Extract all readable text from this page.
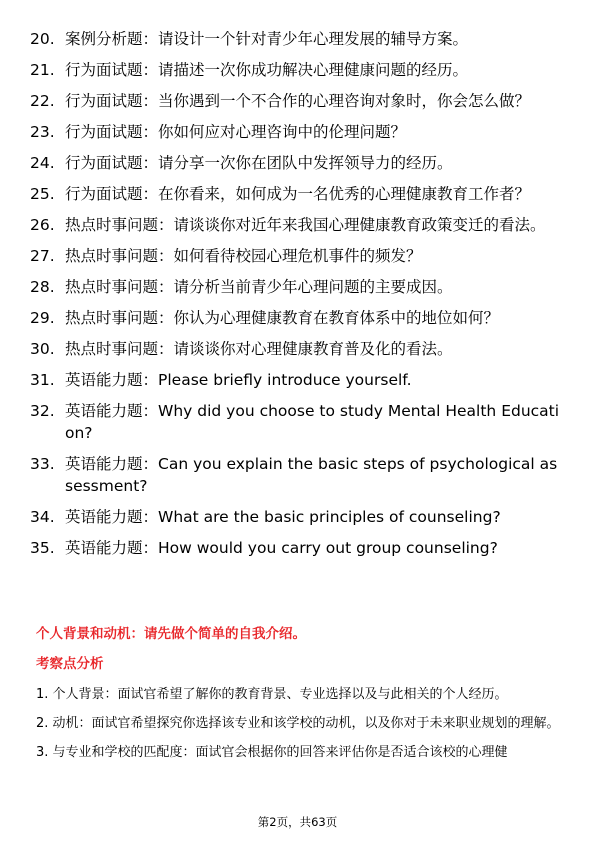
20. 案例分析题：请设计一个针对青少年心理发展的辅导方案。
21. 行为面试题：请描述一次你成功解决心理健康问题的经历。
22. 行为面试题：当你遇到一个不合作的心理咨询对象时，你会怎么做？
23. 行为面试题：你如何应对心理咨询中的伦理问题？
24. 行为面试题：请分享一次你在团队中发挥领导力的经历。
25. 行为面试题：在你看来，如何成为一名优秀的心理健康教育工作者？
26. 热点时事问题：请谈谈你对近年来我国心理健康教育政策变迁的看法。
27. 热点时事问题：如何看待校园心理危机事件的频发？
28. 热点时事问题：请分析当前青少年心理问题的主要成因。
29. 热点时事问题：你认为心理健康教育在教育体系中的地位如何？
30. 热点时事问题：请谈谈你对心理健康教育普及化的看法。
31. 英语能力题：Please briefly introduce yourself.
32. 英语能力题：Why did you choose to study Mental Health Education?
33. 英语能力题：Can you explain the basic steps of psychological assessment?
34. 英语能力题：What are the basic principles of counseling?
35. 英语能力题：How would you carry out group counseling?
个人背景和动机：请先做个简单的自我介绍。
考察点分析
1. 个人背景：面试官希望了解你的教育背景、专业选择以及与此相关的个人经历。
2. 动机：面试官希望探究你选择该专业和该学校的动机，以及你对于未来职业规划的理解。
3. 与专业和学校的匹配度：面试官会根据你的回答来评估你是否适合该校的心理健
第2页，共63页
